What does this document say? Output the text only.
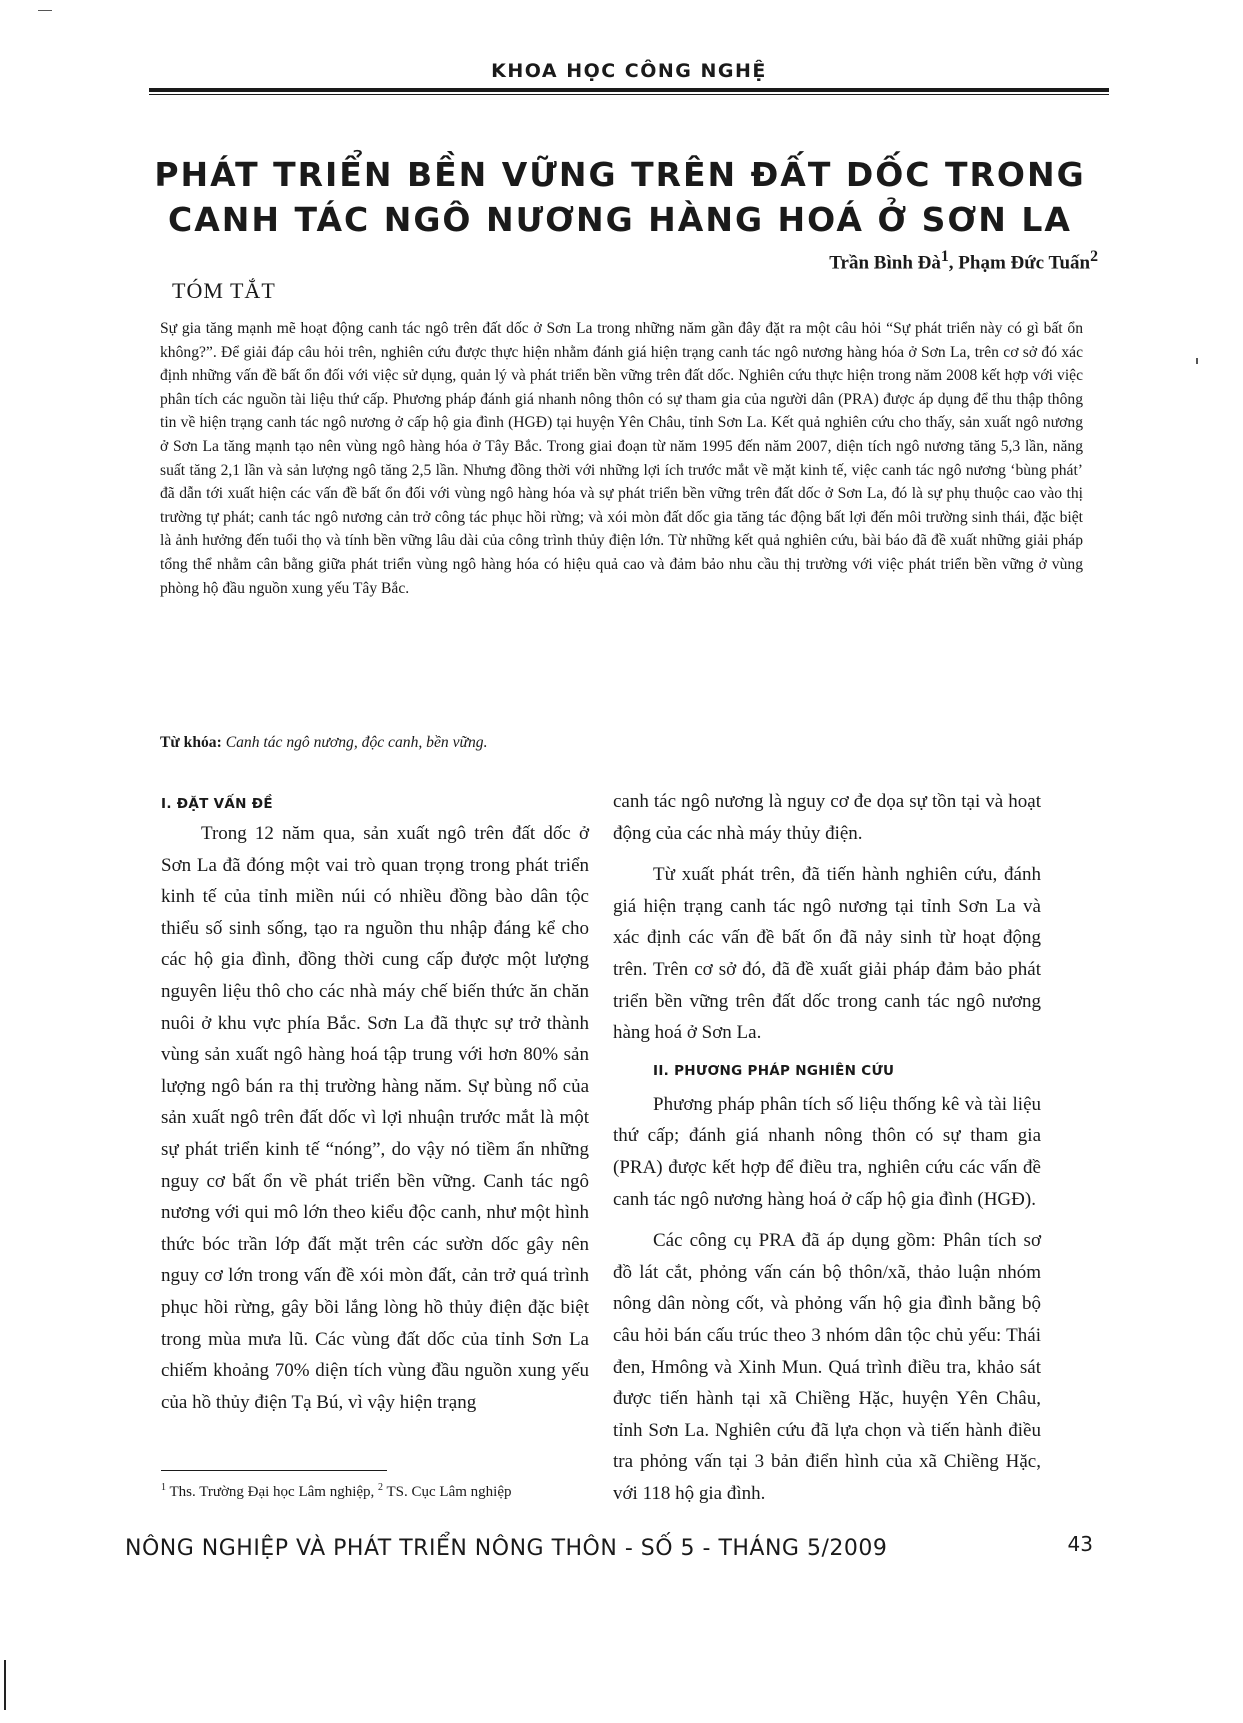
KHOA HỌC CÔNG NGHỆ
PHÁT TRIỂN BỀN VỮNG TRÊN ĐẤT DỐC TRONG
CANH TÁC NGÔ NƯƠNG HÀNG HOÁ Ở SƠN LA
Trần Bình $Đà^1$, Phạm Đức Tuấn$^2$
TÓM TẮT

Sự gia tăng mạnh mẽ hoạt động canh tác ngô trên đất dốc ở Sơn La trong những năm gần đây đặt ra một câu hỏi “Sự phát triển này có gì bất ổn không?”. Để giải đáp câu hỏi trên, nghiên cứu được thực hiện nhằm đánh giá hiện trạng canh tác ngô nương hàng hóa ở Sơn La, trên cơ sở đó xác định những vấn đề bất ổn đối với việc sử dụng, quản lý và phát triển bền vững trên đất dốc. Nghiên cứu thực hiện trong năm 2008 kết hợp với việc phân tích các nguồn tài liệu thứ cấp. Phương pháp đánh giá nhanh nông thôn có sự tham gia của người dân (PRA) được áp dụng để thu thập thông tin về hiện trạng canh tác ngô nương ở cấp hộ gia đình (HGĐ) tại huyện Yên Châu, tỉnh Sơn La. Kết quả nghiên cứu cho thấy, sản xuất ngô nương ở Sơn La tăng mạnh tạo nên vùng ngô hàng hóa ở Tây Bắc. Trong giai đoạn từ năm 1995 đến năm 2007, diện tích ngô nương tăng 5,3 lần, năng suất tăng 2,1 lần và sản lượng ngô tăng 2,5 lần. Nhưng đồng thời với những lợi ích trước mắt về mặt kinh tế, việc canh tác ngô nương ‘bùng phát’ đã dẫn tới xuất hiện các vấn đề bất ổn đối với vùng ngô hàng hóa và sự phát triển bền vững trên đất dốc ở Sơn La, đó là sự phụ thuộc cao vào thị trường tự phát; canh tác ngô nương cản trở công tác phục hồi rừng; và xói mòn đất dốc gia tăng tác động bất lợi đến môi trường sinh thái, đặc biệt là ảnh hưởng đến tuổi thọ và tính bền vững lâu dài của công trình thủy điện lớn. Từ những kết quả nghiên cứu, bài báo đã đề xuất những giải pháp tổng thể nhằm cân bằng giữa phát triển vùng ngô hàng hóa có hiệu quả cao và đảm bảo nhu cầu thị trường với việc phát triển bền vững ở vùng phòng hộ đầu nguồn xung yếu Tây Bắc.

Từ khóa: Canh tác ngô nương, độc canh, bền vững.

I. ĐẶT VẤN ĐỀ

Trong 12 năm qua, sản xuất ngô trên đất dốc ở Sơn La đã đóng một vai trò quan trọng trong phát triển kinh tế của tỉnh miền núi có nhiều đồng bào dân tộc thiểu số sinh sống, tạo ra nguồn thu nhập đáng kể cho các hộ gia đình, đồng thời cung cấp được một lượng nguyên liệu thô cho các nhà máy chế biến thức ăn chăn nuôi ở khu vực phía Bắc. Sơn La đã thực sự trở thành vùng sản xuất ngô hàng hoá tập trung với hơn 80% sản lượng ngô bán ra thị trường hàng năm. Sự bùng nổ của sản xuất ngô trên đất dốc vì lợi nhuận trước mắt là một sự phát triển kinh tế “nóng”, do vậy nó tiềm ẩn những nguy cơ bất ổn về phát triển bền vững. Canh tác ngô nương với qui mô lớn theo kiểu độc canh, như một hình thức bóc trần lớp đất mặt trên các sườn dốc gây nên nguy cơ lớn trong vấn đề xói mòn đất, cản trở quá trình phục hồi rừng, gây bồi lắng lòng hồ thủy điện đặc biệt trong mùa mưa lũ. Các vùng đất dốc của tỉnh Sơn La chiếm khoảng 70% diện tích vùng đầu nguồn xung yếu của hồ thủy điện Tạ Bú, vì vậy hiện trạng

canh tác ngô nương là nguy cơ đe dọa sự tồn tại và hoạt động của các nhà máy thủy điện.

Từ xuất phát trên, đã tiến hành nghiên cứu, đánh giá hiện trạng canh tác ngô nương tại tỉnh Sơn La và xác định các vấn đề bất ổn đã nảy sinh từ hoạt động trên. Trên cơ sở đó, đã đề xuất giải pháp đảm bảo phát triển bền vững trên đất dốc trong canh tác ngô nương hàng hoá ở Sơn La.

II. PHƯƠNG PHÁP NGHIÊN CỨU

Phương pháp phân tích số liệu thống kê và tài liệu thứ cấp; đánh giá nhanh nông thôn có sự tham gia (PRA) được kết hợp để điều tra, nghiên cứu các vấn đề canh tác ngô nương hàng hoá ở cấp hộ gia đình (HGĐ).

Các công cụ PRA đã áp dụng gồm: Phân tích sơ đồ lát cắt, phỏng vấn cán bộ thôn/xã, thảo luận nhóm nông dân nòng cốt, và phỏng vấn hộ gia đình bằng bộ câu hỏi bán cấu trúc theo 3 nhóm dân tộc chủ yếu: Thái đen, Hmông và Xinh Mun. Quá trình điều tra, khảo sát được tiến hành tại xã Chiềng Hặc, huyện Yên Châu, tỉnh Sơn La. Nghiên cứu đã lựa chọn và tiến hành điều tra phỏng vấn tại 3 bản điển hình của xã Chiềng Hặc, với 118 hộ gia đình.

$^1$ Ths. Trường Đại học Lâm nghiệp, $^2$ TS. Cục Lâm nghiệp
NÔNG NGHIỆP VÀ PHÁT TRIỂN NÔNG THÔN - SỐ 5 - THÁNG 5/2009	43
